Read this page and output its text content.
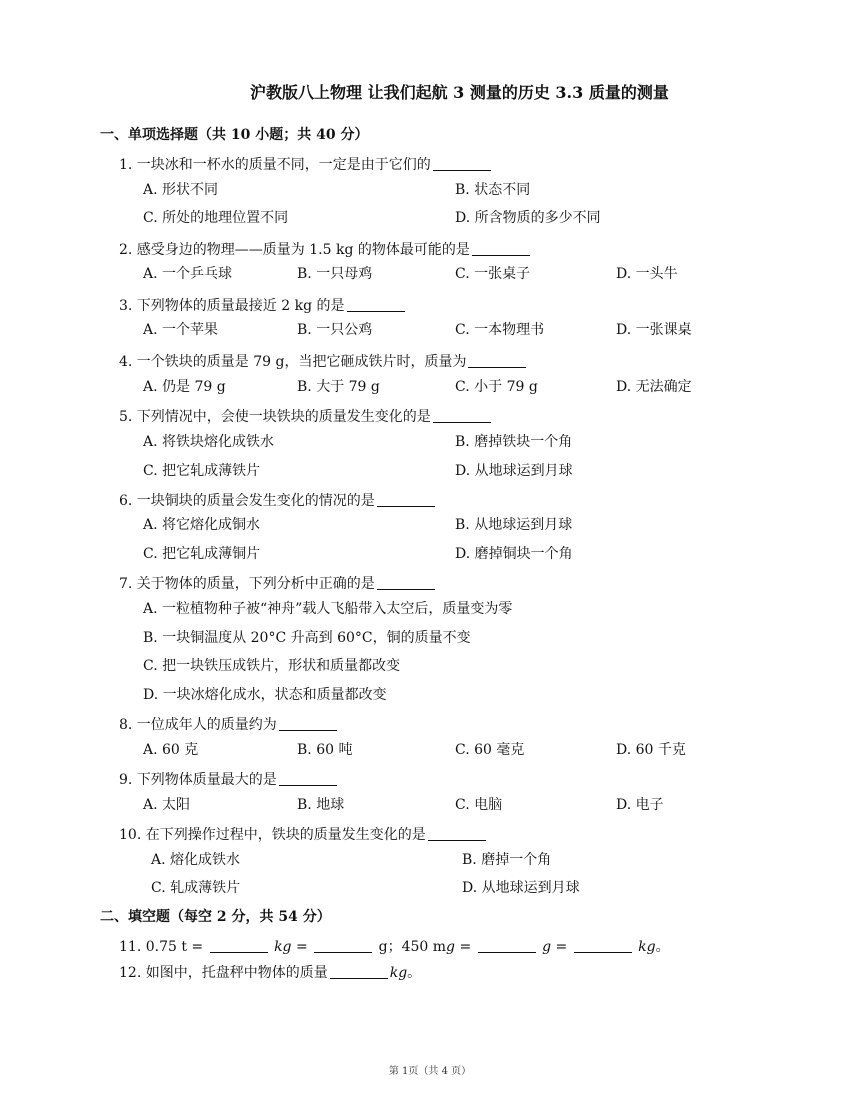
沪教版八上物理 让我们起航 3 测量的历史 3.3 质量的测量
一、单项选择题（共 10 小题；共 40 分）
1. 一块冰和一杯水的质量不同，一定是由于它们的
A. 形状不同	B. 状态不同
C. 所处的地理位置不同	D. 所含物质的多少不同
2. 感受身边的物理——质量为 1.5 kg 的物体最可能的是
A. 一个乒乓球	B. 一只母鸡	C. 一张桌子	D. 一头牛
3. 下列物体的质量最接近 2 kg 的是
A. 一个苹果	B. 一只公鸡	C. 一本物理书	D. 一张课桌
4. 一个铁块的质量是 79 g，当把它砸成铁片时，质量为
A. 仍是 79 g	B. 大于 79 g	C. 小于 79 g	D. 无法确定
5. 下列情况中，会使一块铁块的质量发生变化的是
A. 将铁块熔化成铁水	B. 磨掉铁块一个角
C. 把它轧成薄铁片	D. 从地球运到月球
6. 一块铜块的质量会发生变化的情况的是
A. 将它熔化成铜水	B. 从地球运到月球
C. 把它轧成薄铜片	D. 磨掉铜块一个角
7. 关于物体的质量，下列分析中正确的是
A. 一粒植物种子被“神舟”载人飞船带入太空后，质量变为零
B. 一块铜温度从 20°C 升高到 60°C，铜的质量不变
C. 把一块铁压成铁片，形状和质量都改变
D. 一块冰熔化成水，状态和质量都改变
8. 一位成年人的质量约为
A. 60 克	B. 60 吨	C. 60 毫克	D. 60 千克
9. 下列物体质量最大的是
A. 太阳	B. 地球	C. 电脑	D. 电子
10. 在下列操作过程中，铁块的质量发生变化的是
A. 熔化成铁水	B. 磨掉一个角
C. 轧成薄铁片	D. 从地球运到月球
二、填空题（每空 2 分，共 54 分）
11. 0.75 t =	kg =	g；450 mg =	g =	kg。
12. 如图中，托盘秤中物体的质量	kg。
第 1页（共 4 页）
